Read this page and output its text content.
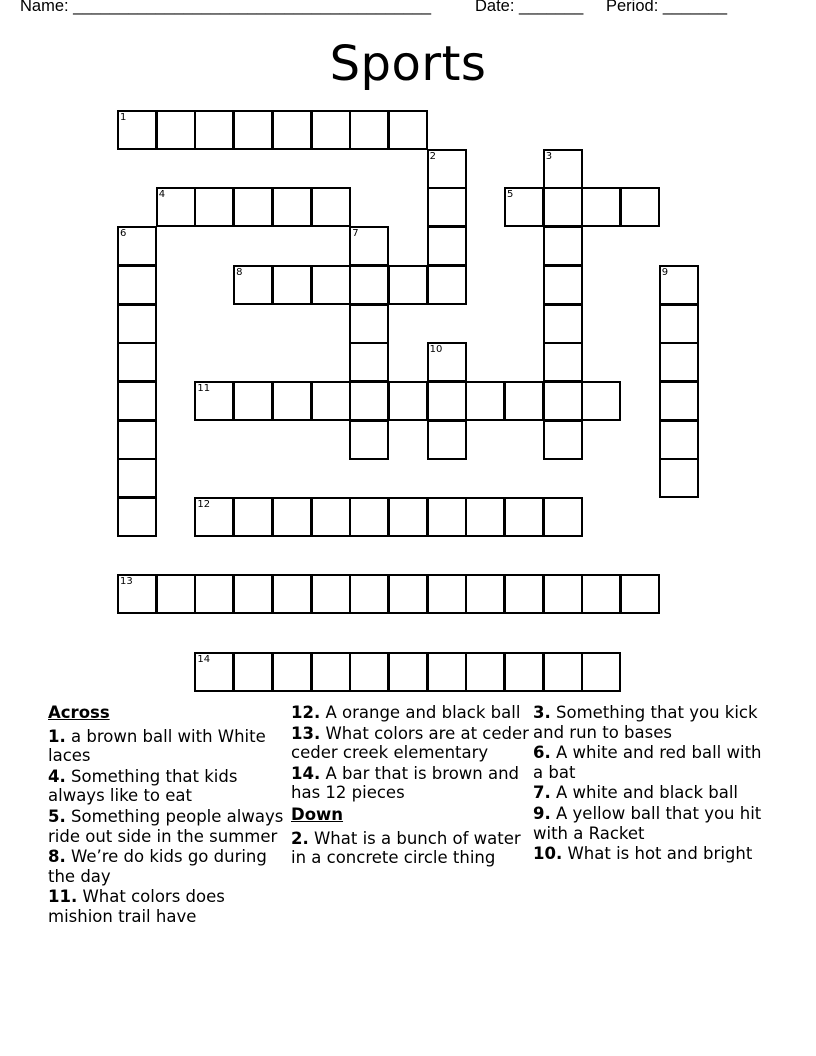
Name: _______________________________________	Date: _______ Period: _______
Sports
1
2	3
4	5
6	7
8	9
10
11
12
13
14
Across
1. a brown ball with White laces
4. Something that kids always like to eat
5. Something people always ride out side in the summer
8. We’re do kids go during the day
11. What colors does mishion trail have
12. A orange and black ball
13. What colors are at ceder ceder creek elementary
14. A bar that is brown and has 12 pieces
Down
2. What is a bunch of water in a concrete circle thing
3. Something that you kick and run to bases
6. A white and red ball with a bat
7. A white and black ball
9. A yellow ball that you hit with a Racket
10. What is hot and bright
